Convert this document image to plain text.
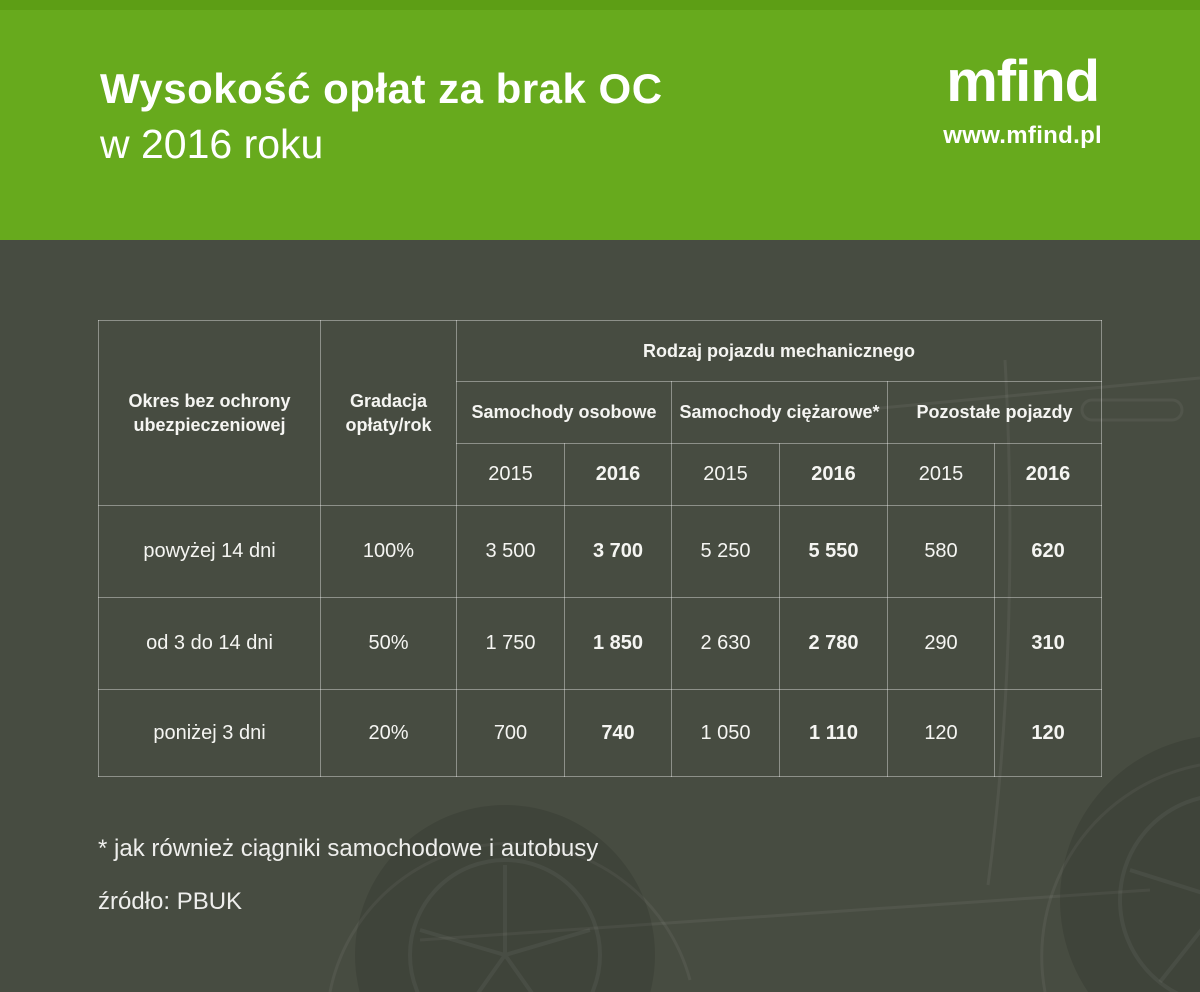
Wysokość opłat za brak OC
w 2016 roku
mfind
www.mfind.pl
Okres bez ochrony ubezpieczeniowej	Gradacja opłaty/rok	Rodzaj pojazdu mechanicznego					
		Samochody osobowe		Samochody ciężarowe*		Pozostałe pojazdy	
		2015	2016	2015	2016	2015	2016
powyżej 14 dni	100%	3 500	3 700	5 250	5 550	580	620
od 3 do 14 dni	50%	1 750	1 850	2 630	2 780	290	310
poniżej 3 dni	20%	700	740	1 050	1 110	120	120
* jak również ciągniki samochodowe i autobusy
źródło: PBUK
